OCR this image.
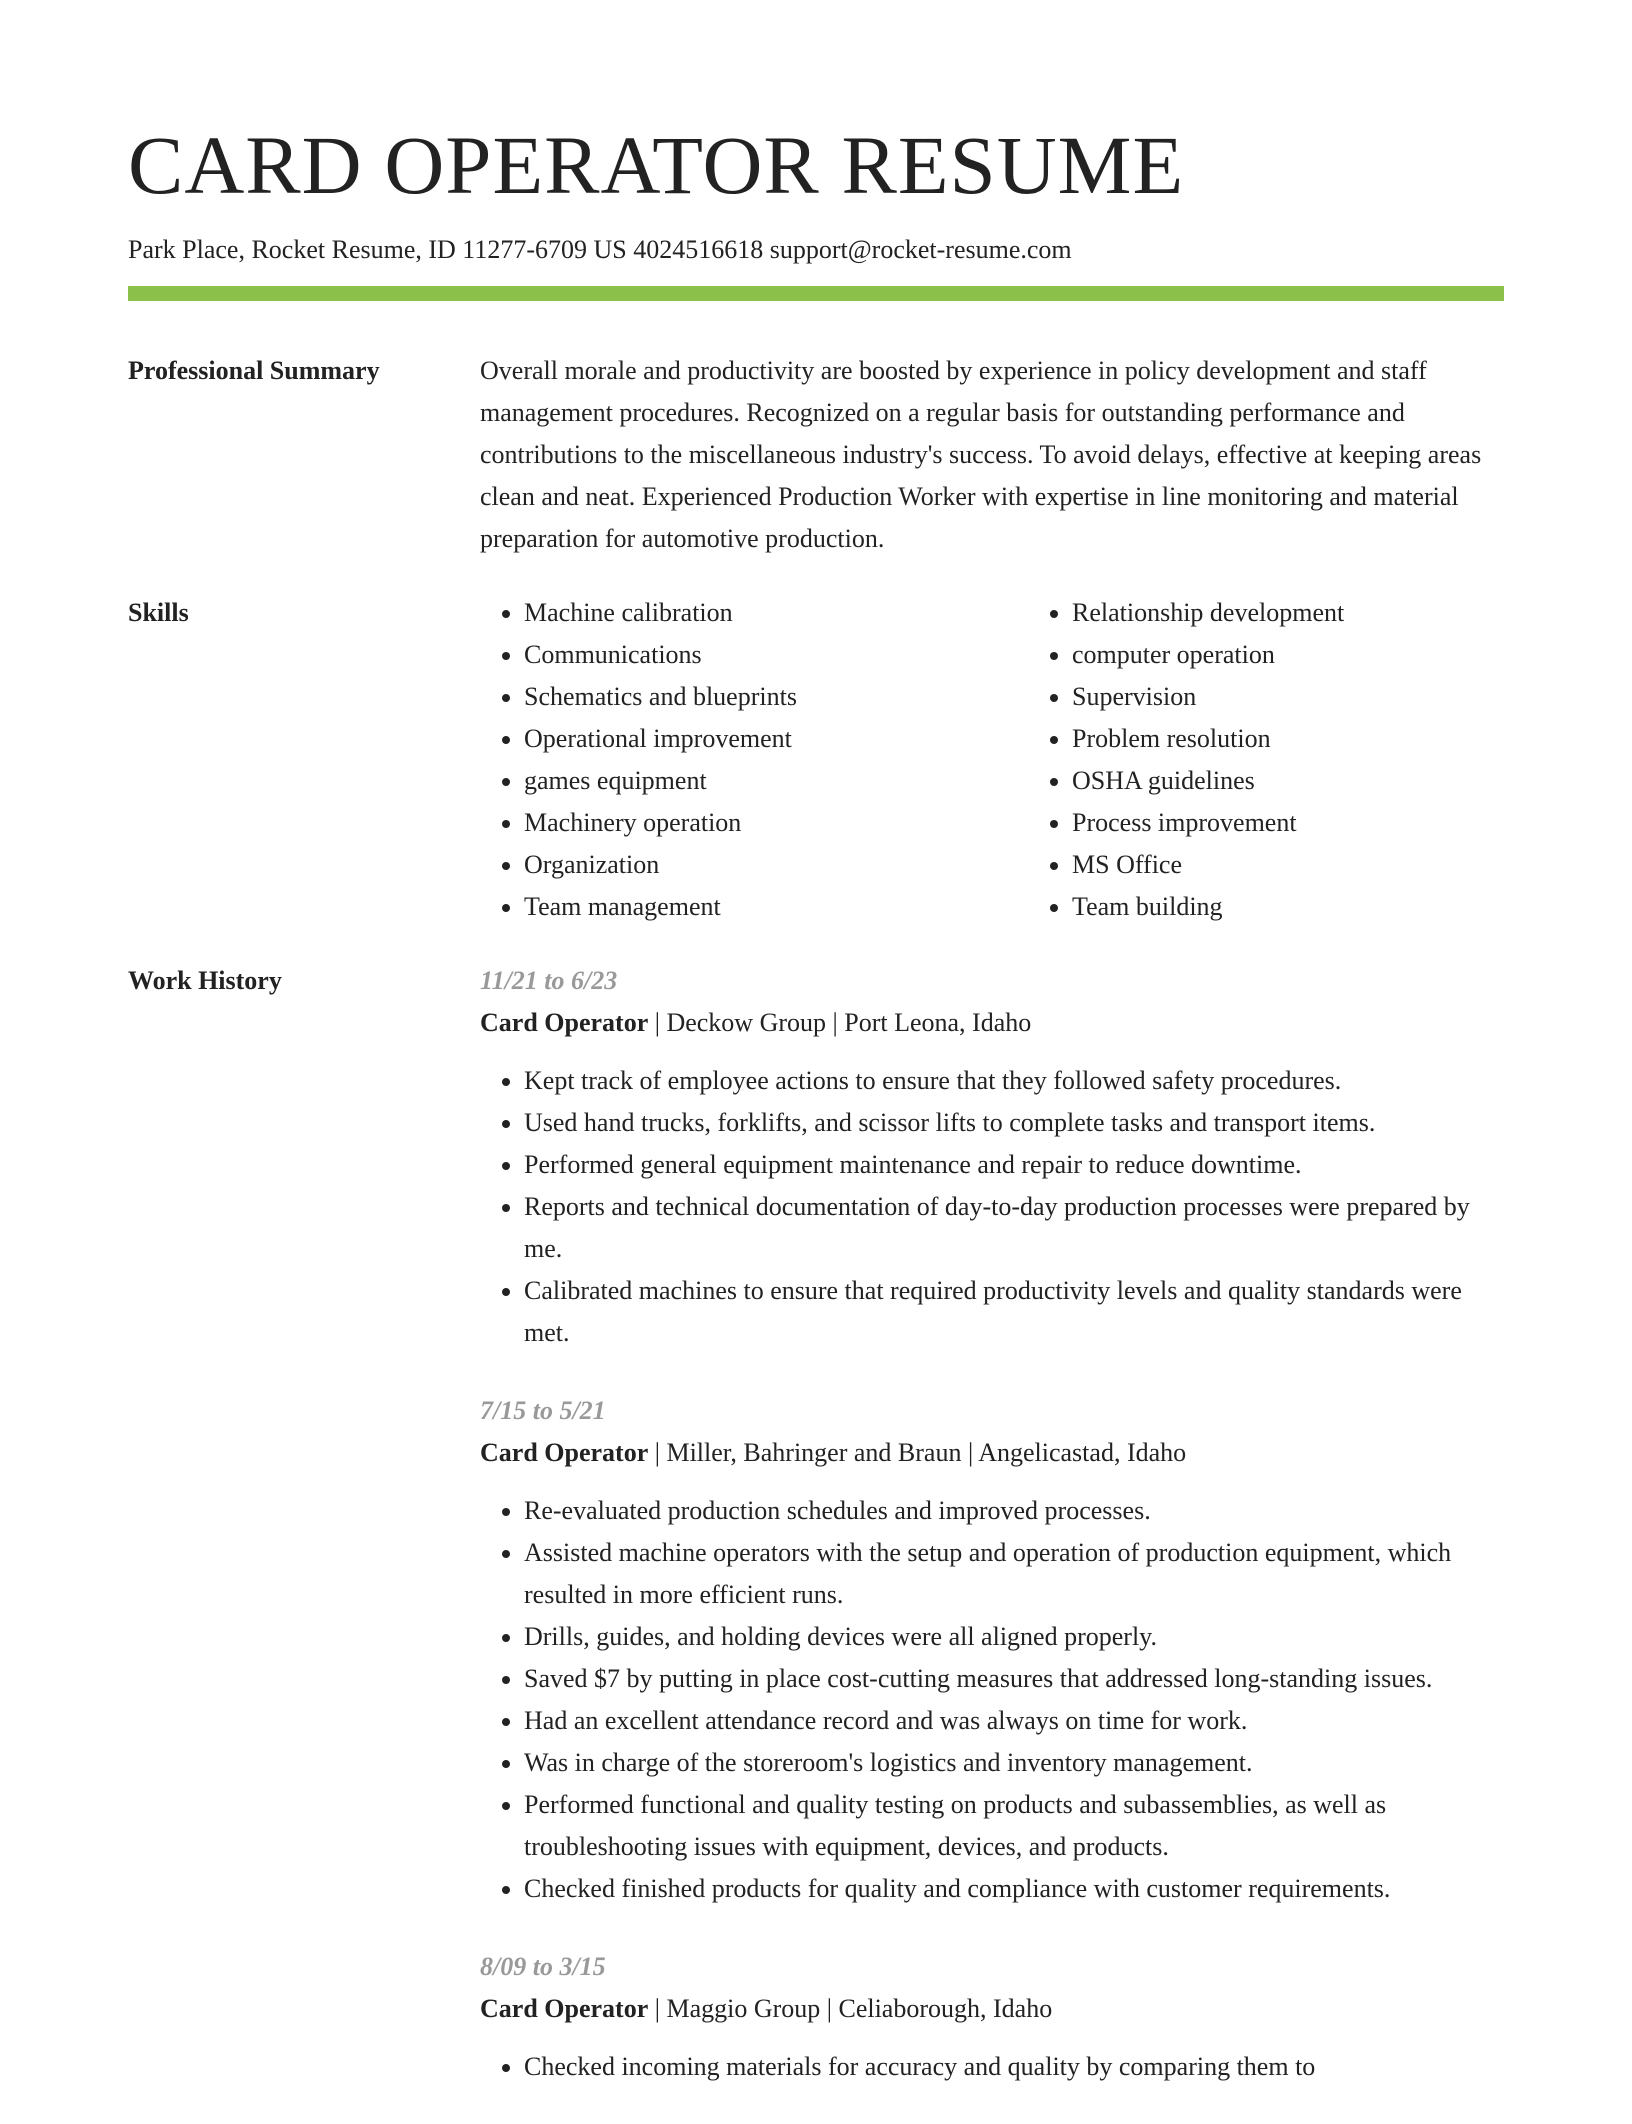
CARD OPERATOR RESUME
Park Place, Rocket Resume, ID 11277-6709 US 4024516618 support@rocket-resume.com
Professional Summary	Overall morale and productivity are boosted by experience in policy development and staff management procedures. Recognized on a regular basis for outstanding performance and contributions to the miscellaneous industry's success. To avoid delays, effective at keeping areas clean and neat. Experienced Production Worker with expertise in line monitoring and material preparation for automotive production.

Skills
•	Machine calibration
• Communications
• Schematics and blueprints
• Operational improvement
• games equipment
• Machinery operation
• Organization
• Team management
• Relationship development
• computer operation
• Supervision
• Problem resolution
• OSHA guidelines
• Process improvement
• MS Office
• Team building
Work History	11/21 to 6/23
Card Operator | Deckow Group | Port Leona, Idaho
• Kept track of employee actions to ensure that they followed safety procedures.
• Used hand trucks, forklifts, and scissor lifts to complete tasks and transport items.
• Performed general equipment maintenance and repair to reduce downtime.
• Reports and technical documentation of day-to-day production processes were prepared by me.
• Calibrated machines to ensure that required productivity levels and quality standards were met.
7/15 to 5/21
Card Operator | Miller, Bahringer and Braun | Angelicastad, Idaho
• Re-evaluated production schedules and improved processes.
• Assisted machine operators with the setup and operation of production equipment, which resulted in more efficient runs.
• Drills, guides, and holding devices were all aligned properly.
• Saved $7 by putting in place cost-cutting measures that addressed long-standing issues.
• Had an excellent attendance record and was always on time for work.
• Was in charge of the storeroom's logistics and inventory management.
• Performed functional and quality testing on products and subassemblies, as well as troubleshooting issues with equipment, devices, and products.
• Checked finished products for quality and compliance with customer requirements.
8/09 to 3/15
Card Operator | Maggio Group | Celiaborough, Idaho
• Checked incoming materials for accuracy and quality by comparing them to
